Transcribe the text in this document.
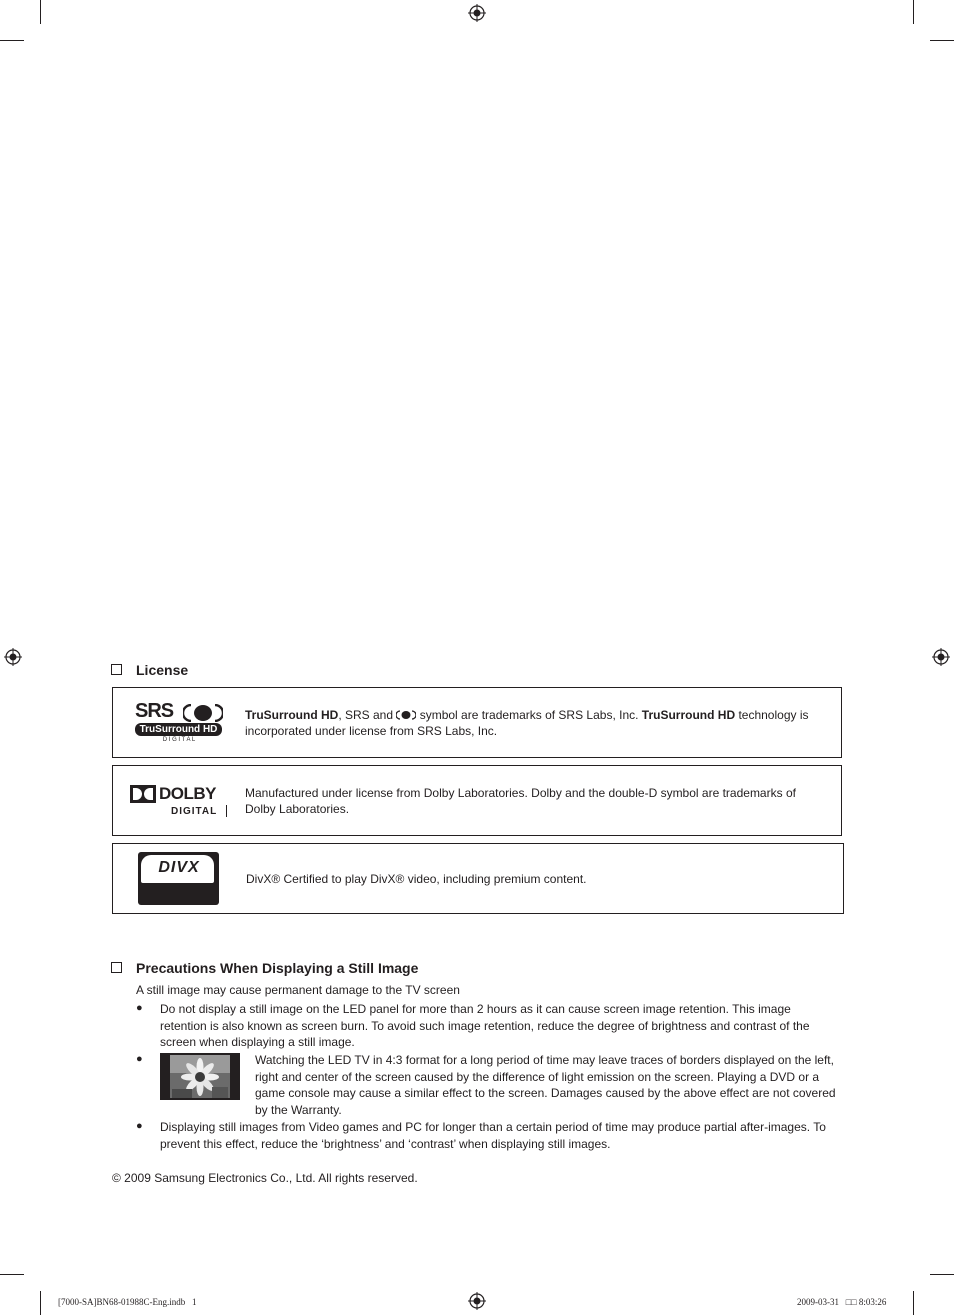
License
SRS
TruSurround HD
D I G I T A L
TruSurround HD, SRS and  symbol are trademarks of SRS Labs, Inc. TruSurround HD technology is incorporated under license from SRS Labs, Inc.
DOLBY
DIGITAL
Manufactured under license from Dolby Laboratories. Dolby and the double-D symbol are trademarks of Dolby Laboratories.
DIVX
DivX® Certified to play DivX® video, including premium content.
Precautions When Displaying a Still Image
A still image may cause permanent damage to the TV screen
● Do not display a still image on the LED panel for more than 2 hours as it can cause screen image retention. This image retention is also known as screen burn. To avoid such image retention, reduce the degree of brightness and contrast of the screen when displaying a still image.
●	Watching the LED TV in 4:3 format for a long period of time may leave traces of borders displayed on the left, right and center of the screen caused by the difference of light emission on the screen. Playing a DVD or a game console may cause a similar effect to the screen. Damages caused by the above effect are not covered by the Warranty.
● Displaying still images from Video games and PC for longer than a certain period of time may produce partial after-images. To prevent this effect, reduce the ‘brightness’ and ‘contrast’ when displaying still images.
© 2009 Samsung Electronics Co., Ltd. All rights reserved.
[7000-SA]BN68-01988C-Eng.indb   1	2009-03-31   □□ 8:03:26
